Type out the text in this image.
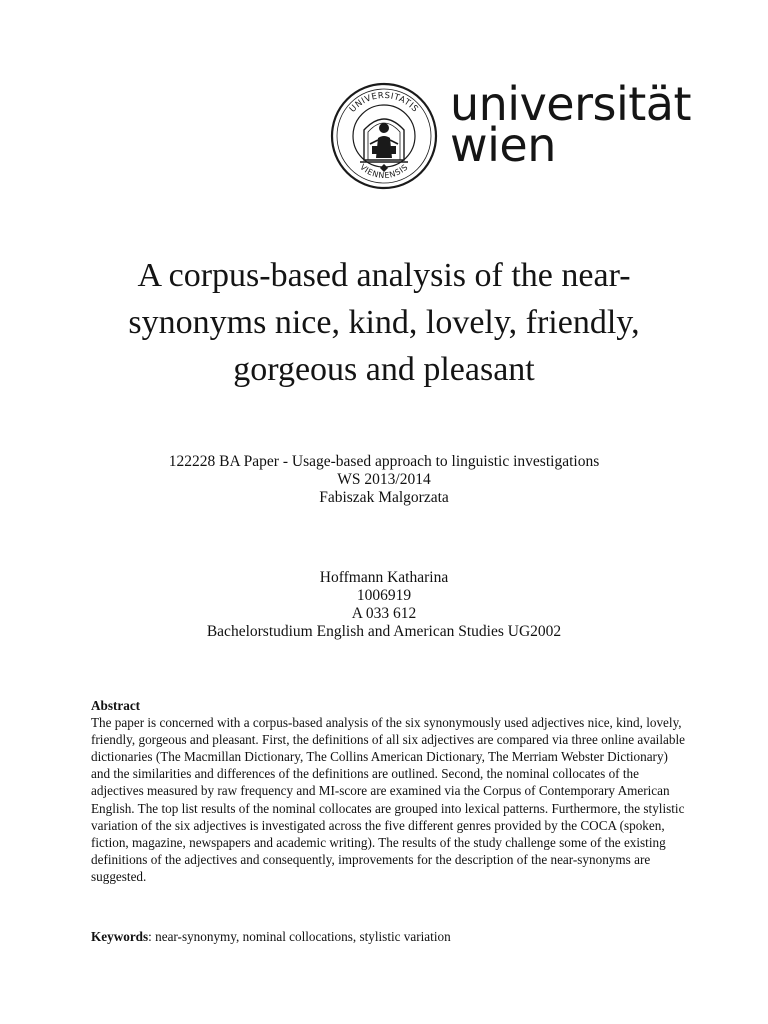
UNIVERSITATIS
VIENNENSIS
universität
wien
A corpus-based analysis of the near-
synonyms nice, kind, lovely, friendly,
gorgeous and pleasant
122228 BA Paper - Usage-based approach to linguistic investigations
WS 2013/2014
Fabiszak Malgorzata
Hoffmann Katharina
1006919
A 033 612
Bachelorstudium English and American Studies UG2002
Abstract
The paper is concerned with a corpus-based analysis of the six synonymously used adjectives nice, kind, lovely, friendly, gorgeous and pleasant. First, the definitions of all six adjectives are compared via three online available dictionaries (The Macmillan Dictionary, The Collins American Dictionary, The Merriam Webster Dictionary) and the similarities and differences of the definitions are outlined. Second, the nominal collocates of the adjectives measured by raw frequency and MI-score are examined via the Corpus of Contemporary American English. The top list results of the nominal collocates are grouped into lexical patterns. Furthermore, the stylistic variation of the six adjectives is investigated across the five different genres provided by the COCA (spoken, fiction, magazine, newspapers and academic writing). The results of the study challenge some of the existing definitions of the adjectives and consequently, improvements for the description of the near-synonyms are suggested.
Keywords: near-synonymy, nominal collocations, stylistic variation
